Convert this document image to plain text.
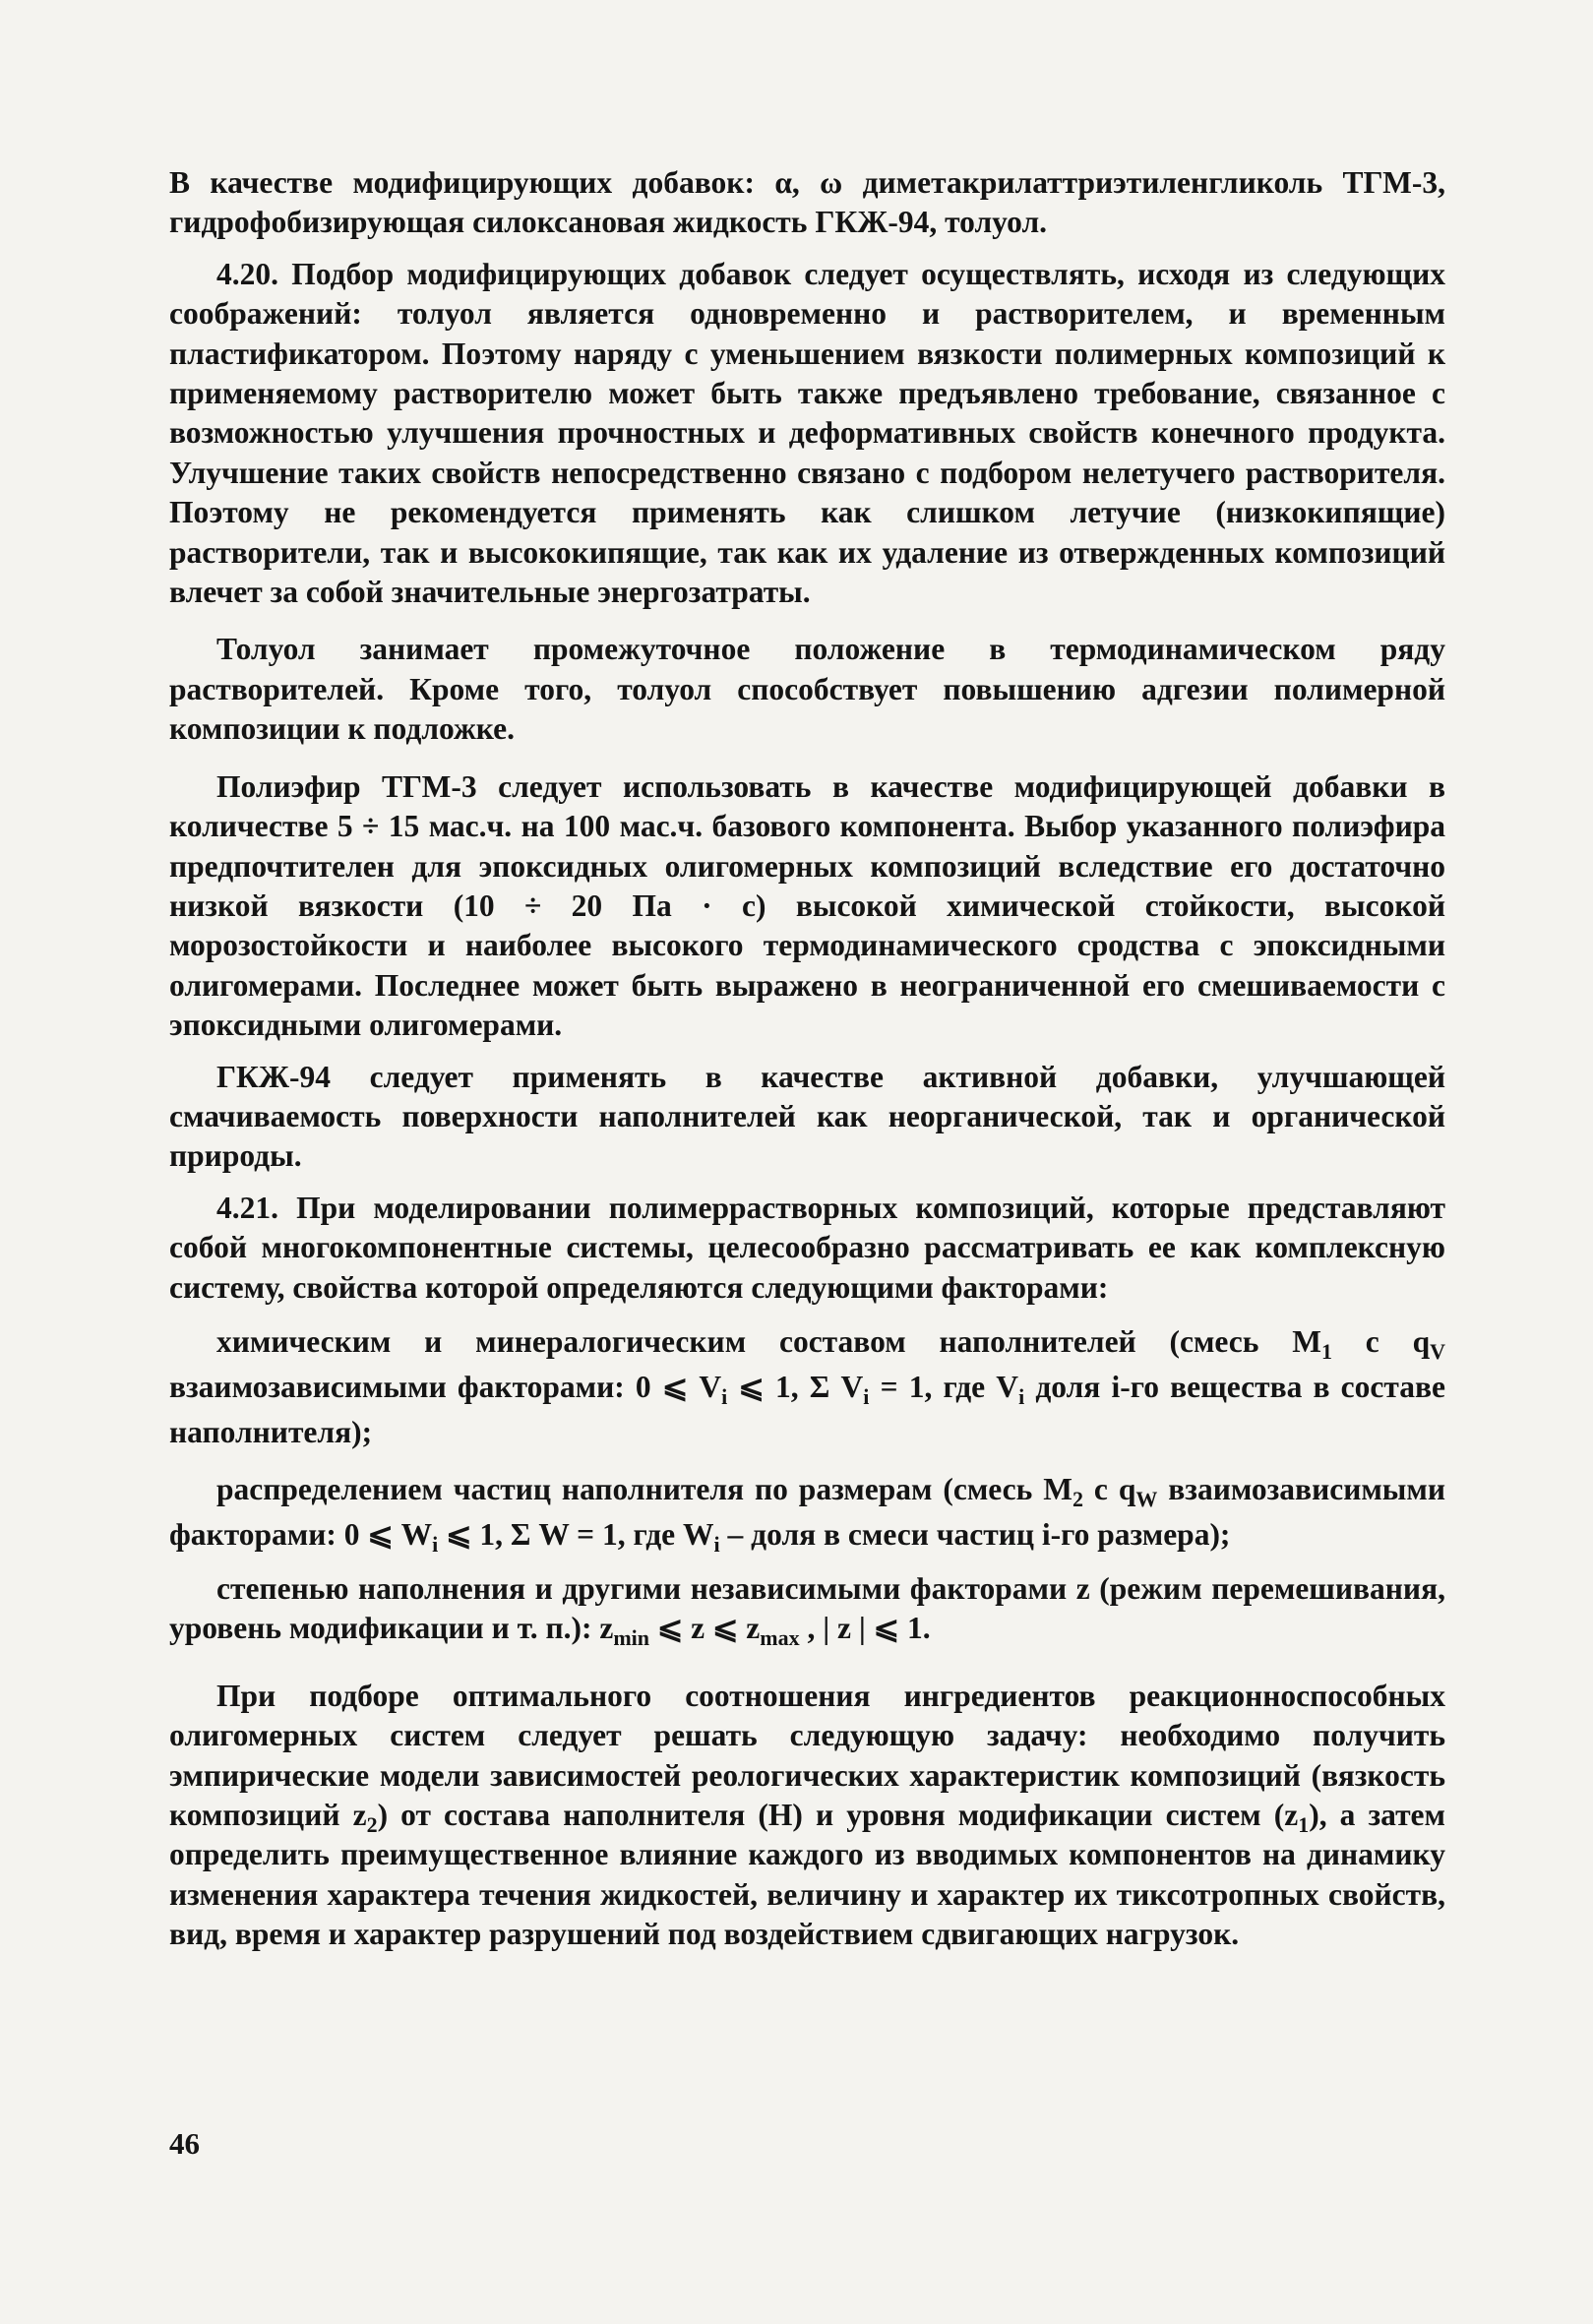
В качестве модифицирующих добавок: α, ω диметакрилаттриэтиленгликоль ТГМ-3, гидрофобизирующая силоксановая жидкость ГКЖ-94, толуол.

4.20. Подбор модифицирующих добавок следует осуществлять, исходя из следующих соображений: толуол является одновременно и растворителем, и временным пластификатором. Поэтому наряду с уменьшением вязкости полимерных композиций к применяемому растворителю может быть также предъявлено требование, связанное с возможностью улучшения прочностных и деформативных свойств конечного продукта. Улучшение таких свойств непосредственно связано с подбором нелетучего растворителя. Поэтому не рекомендуется применять как слишком летучие (низкокипящие) растворители, так и высококипящие, так как их удаление из отвержденных композиций влечет за собой значительные энергозатраты.

Толуол занимает промежуточное положение в термодинамическом ряду растворителей. Кроме того, толуол способствует повышению адгезии полимерной композиции к подложке.

Полиэфир ТГМ-3 следует использовать в качестве модифицирующей добавки в количестве 5 ÷ 15 мас.ч. на 100 мас.ч. базового компонента. Выбор указанного полиэфира предпочтителен для эпоксидных олигомерных композиций вследствие его достаточно низкой вязкости (10 ÷ 20 Па · с) высокой химической стойкости, высокой морозостойкости и наиболее высокого термодинамического сродства с эпоксидными олигомерами. Последнее может быть выражено в неограниченной его смешиваемости с эпоксидными олигомерами.

ГКЖ-94 следует применять в качестве активной добавки, улучшающей смачиваемость поверхности наполнителей как неорганической, так и органической природы.

4.21. При моделировании полимеррастворных композиций, которые представляют собой многокомпонентные системы, целесообразно рассматривать ее как комплексную систему, свойства которой определяются следующими факторами:

химическим и минералогическим составом наполнителей (смесь $M_1$ с $q_V$ взаимозависимыми факторами: 0 ⩽ $V_i$ ⩽ 1, Σ $V_i = 1$, где $V_i$ доля i-го вещества в составе наполнителя);

распределением частиц наполнителя по размерам (смесь $M_2$ с $q_W$ взаимозависимыми факторами: 0 ⩽ $W_i$ ⩽ 1, Σ W = 1, где $W_i$ – доля в смеси частиц i-го размера);

степенью наполнения и другими независимыми факторами z (режим перемешивания, уровень модификации и т. п.): $z_{min}$ ⩽ z ⩽ $z_{max}$ , | z | ⩽ 1.

При подборе оптимального соотношения ингредиентов реакционноспособных олигомерных систем следует решать следующую задачу: необходимо получить эмпирические модели зависимостей реологических характеристик композиций (вязкость композиций $z_2$) от состава наполнителя (Н) и уровня модификации систем $(z_1)$, а затем определить преимущественное влияние каждого из вводимых компонентов на динамику изменения характера течения жидкостей, величину и характер их тиксотропных свойств, вид, время и характер разрушений под воздействием сдвигающих нагрузок.

46
